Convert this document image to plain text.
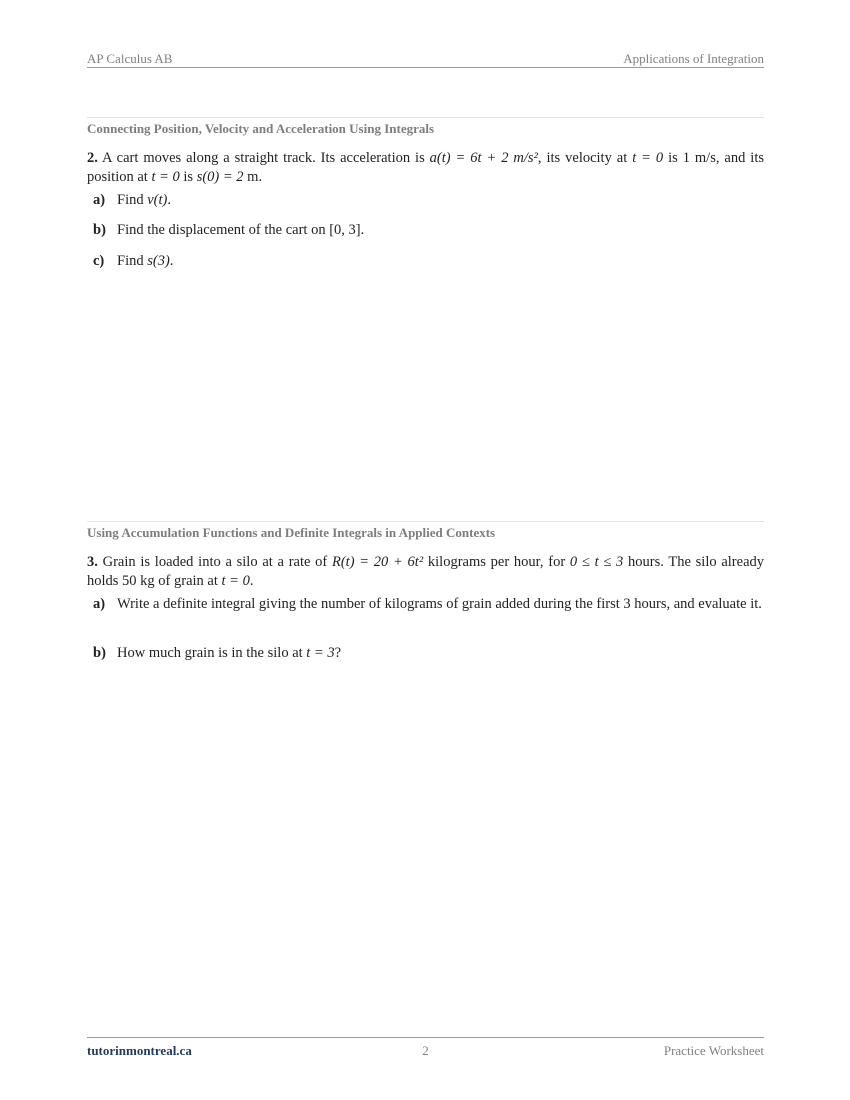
AP Calculus AB	Applications of Integration
Connecting Position, Velocity and Acceleration Using Integrals
2. A cart moves along a straight track. Its acceleration is a(t) = 6t + 2 m/s², its velocity at t = 0 is 1 m/s, and its position at t = 0 is s(0) = 2 m.
a) Find v(t).
b) Find the displacement of the cart on [0, 3].
c) Find s(3).
Using Accumulation Functions and Definite Integrals in Applied Contexts
3. Grain is loaded into a silo at a rate of R(t) = 20 + 6t² kilograms per hour, for 0 ≤ t ≤ 3 hours. The silo already holds 50 kg of grain at t = 0.
a) Write a definite integral giving the number of kilograms of grain added during the first 3 hours, and evaluate it.
b) How much grain is in the silo at t = 3?
tutorinmontreal.ca	2	Practice Worksheet
